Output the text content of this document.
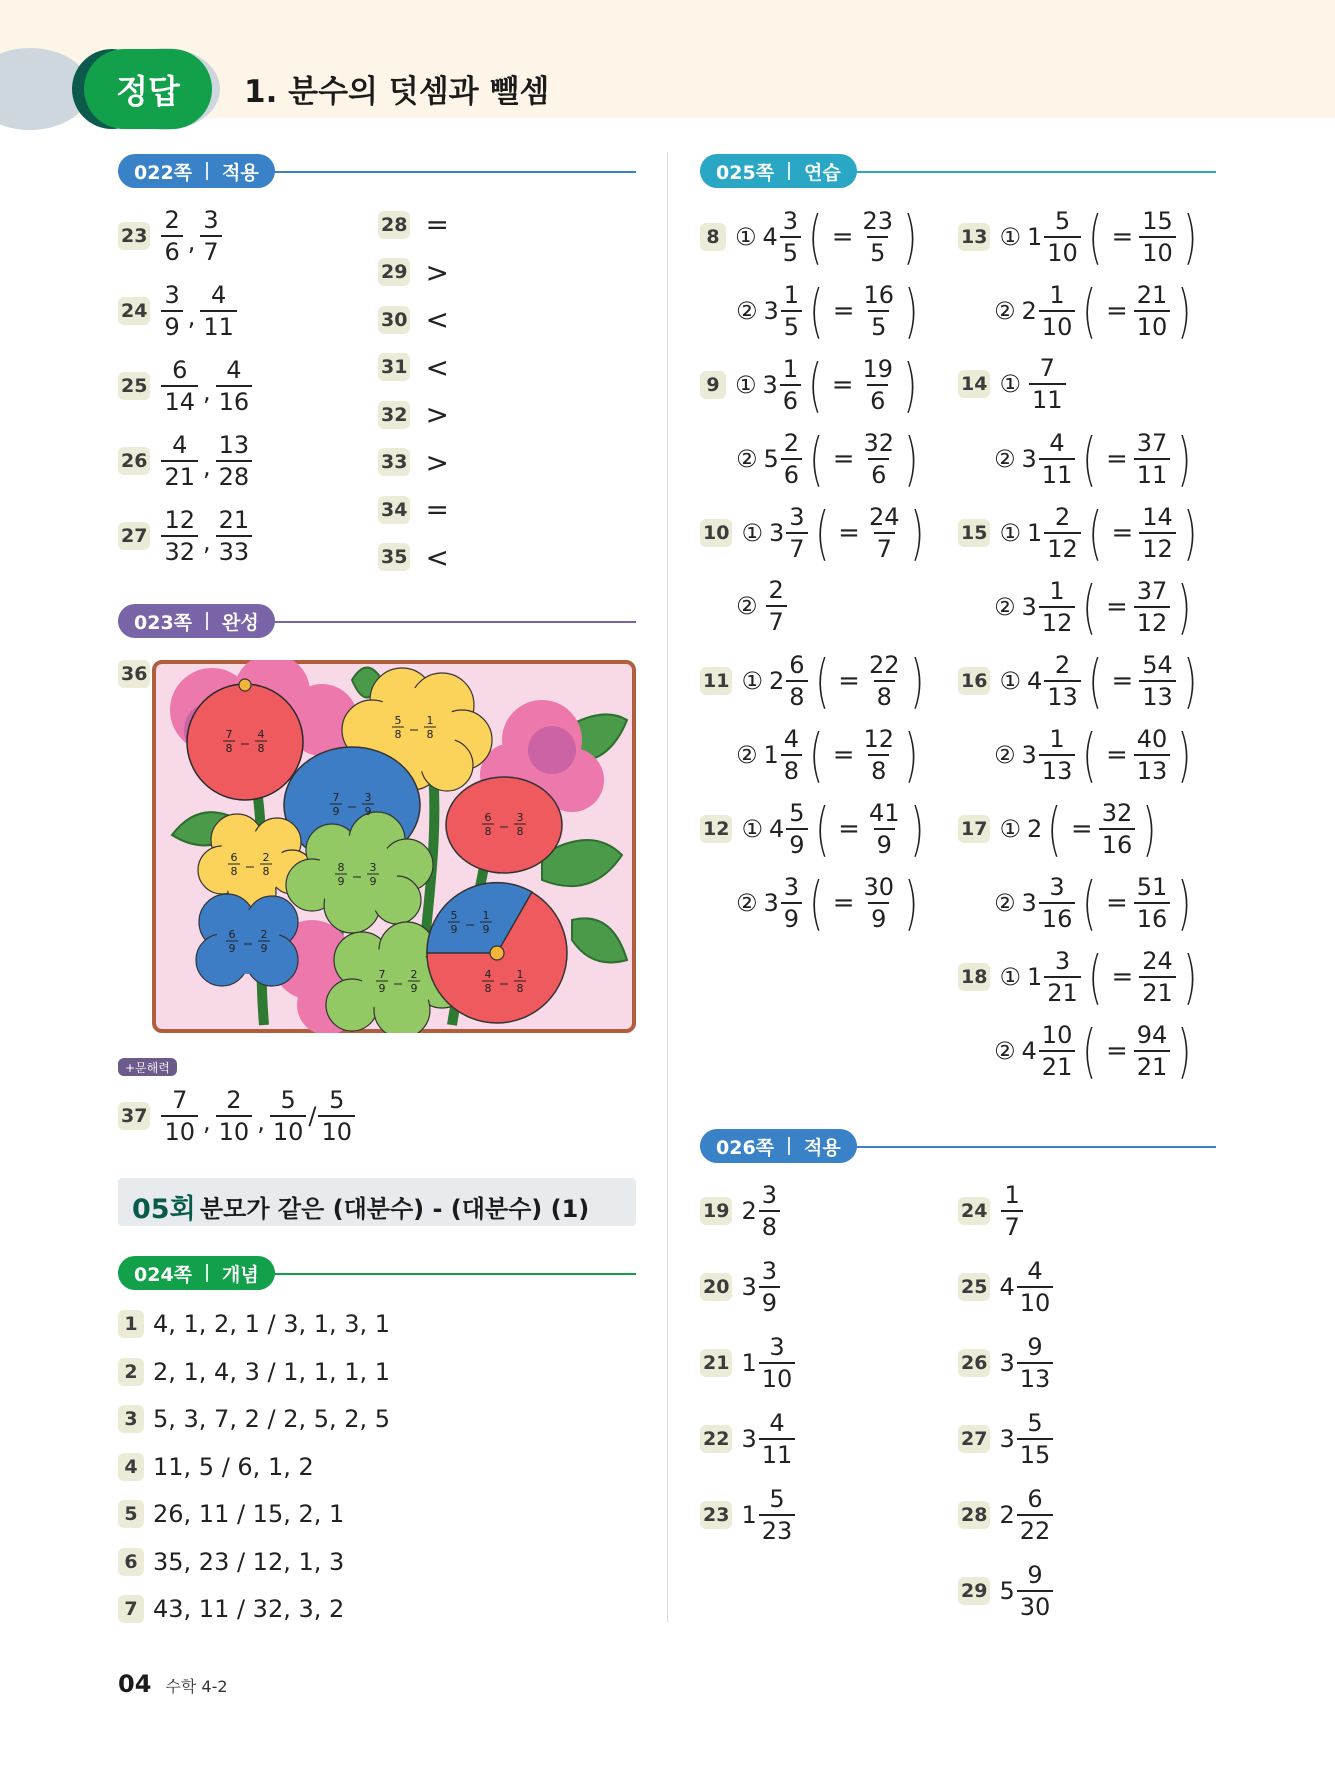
정답	1. 분수의 덧셈과 뺄셈
022쪽 적용
023쪽 완성
024쪽 개념
025쪽 연습
026쪽 적용
$23 \frac{2}{6}$ , $\frac{3}{7}$
$24 \frac{3}{9}$ , $\frac{4}{11}$
$25 \frac{6}{14}$ , $\frac{4}{16}$
$26 \frac{4}{21}$ , $\frac{13}{28}$
$27 \frac{12}{32}$ , $\frac{21}{33}$
28 =
29 >
30 <
31 <
32 >
33 >
34 =
35 <
8 ① $4 \frac{3}{5}$ ( = $\frac{23}{5}$ )
② $3 \frac{1}{5}$ ( = $\frac{16}{5}$ )
9 ① $3 \frac{1}{6}$ ( = $\frac{19}{6}$ )
② $5 \frac{2}{6}$ ( = $\frac{32}{6}$ )
10 ① $3 \frac{3}{7}$ ( = $\frac{24}{7}$ )
② $\frac{2}{7}$
11 ① $2 \frac{6}{8}$ ( = $\frac{22}{8}$ )
② $1 \frac{4}{8}$ ( = $\frac{12}{8}$ )
12 ① $4 \frac{5}{9}$ ( = $\frac{41}{9}$ )
② $3 \frac{3}{9}$ ( = $\frac{30}{9}$ )
13 ① $1 \frac{5}{10}$ ( = $\frac{15}{10}$ )
② $2 \frac{1}{10}$ ( = $\frac{21}{10}$ )
14 ① $\frac{7}{11}$
② $3 \frac{4}{11}$ ( = $\frac{37}{11}$ )
15 ① $1 \frac{2}{12}$ ( = $\frac{14}{12}$ )
② $3 \frac{1}{12}$ ( = $\frac{37}{12}$ )
16 ① $4 \frac{2}{13}$ ( = $\frac{54}{13}$ )
② $3 \frac{1}{13}$ ( = $\frac{40}{13}$ )
17 ① 2 ( = $\frac{32}{16}$ )
② $3 \frac{3}{16}$ ( = $\frac{51}{16}$ )
18 ① $1 \frac{3}{21}$ ( = $\frac{24}{21}$ )
② $4 \frac{10}{21}$ ( = $\frac{94}{21}$ )
19 $2 \frac{3}{8}$
20 $3 \frac{3}{9}$
21 $1 \frac{3}{10}$
22 $3 \frac{4}{11}$
23 $1 \frac{5}{23}$
$24 \frac{1}{7}$
25 $4 \frac{4}{10}$
26 $3 \frac{9}{13}$
27 $3 \frac{5}{15}$
28 $2 \frac{6}{22}$
29 $5 \frac{9}{30}$
1 4, 1, 2, 1 / 3, 1, 3, 1
2 2, 1, 4, 3 / 1, 1, 1, 1
3 5, 3, 7, 2 / 2, 5, 2, 5
4 11, 5 / 6, 1, 2
5 26, 11 / 15, 2, 1
6 35, 23 / 12, 1, 3
7 43, 11 / 32, 3, 2
36
$37 \frac{7}{10}$ , $\frac{2}{10}$ , $\frac{5}{10} / \frac{5}{10}$
7
8
4
8
5
8
1
8
7
9
3
9	6
8
3
8
6
8
2
8	8
9
3
9
5
9
1
9
6
9
2
9
7
9
2
9
4
8
1
8
+문해력
05회 분모가 같은 (대분수) - (대분수) (1)
04 수학 4-2
